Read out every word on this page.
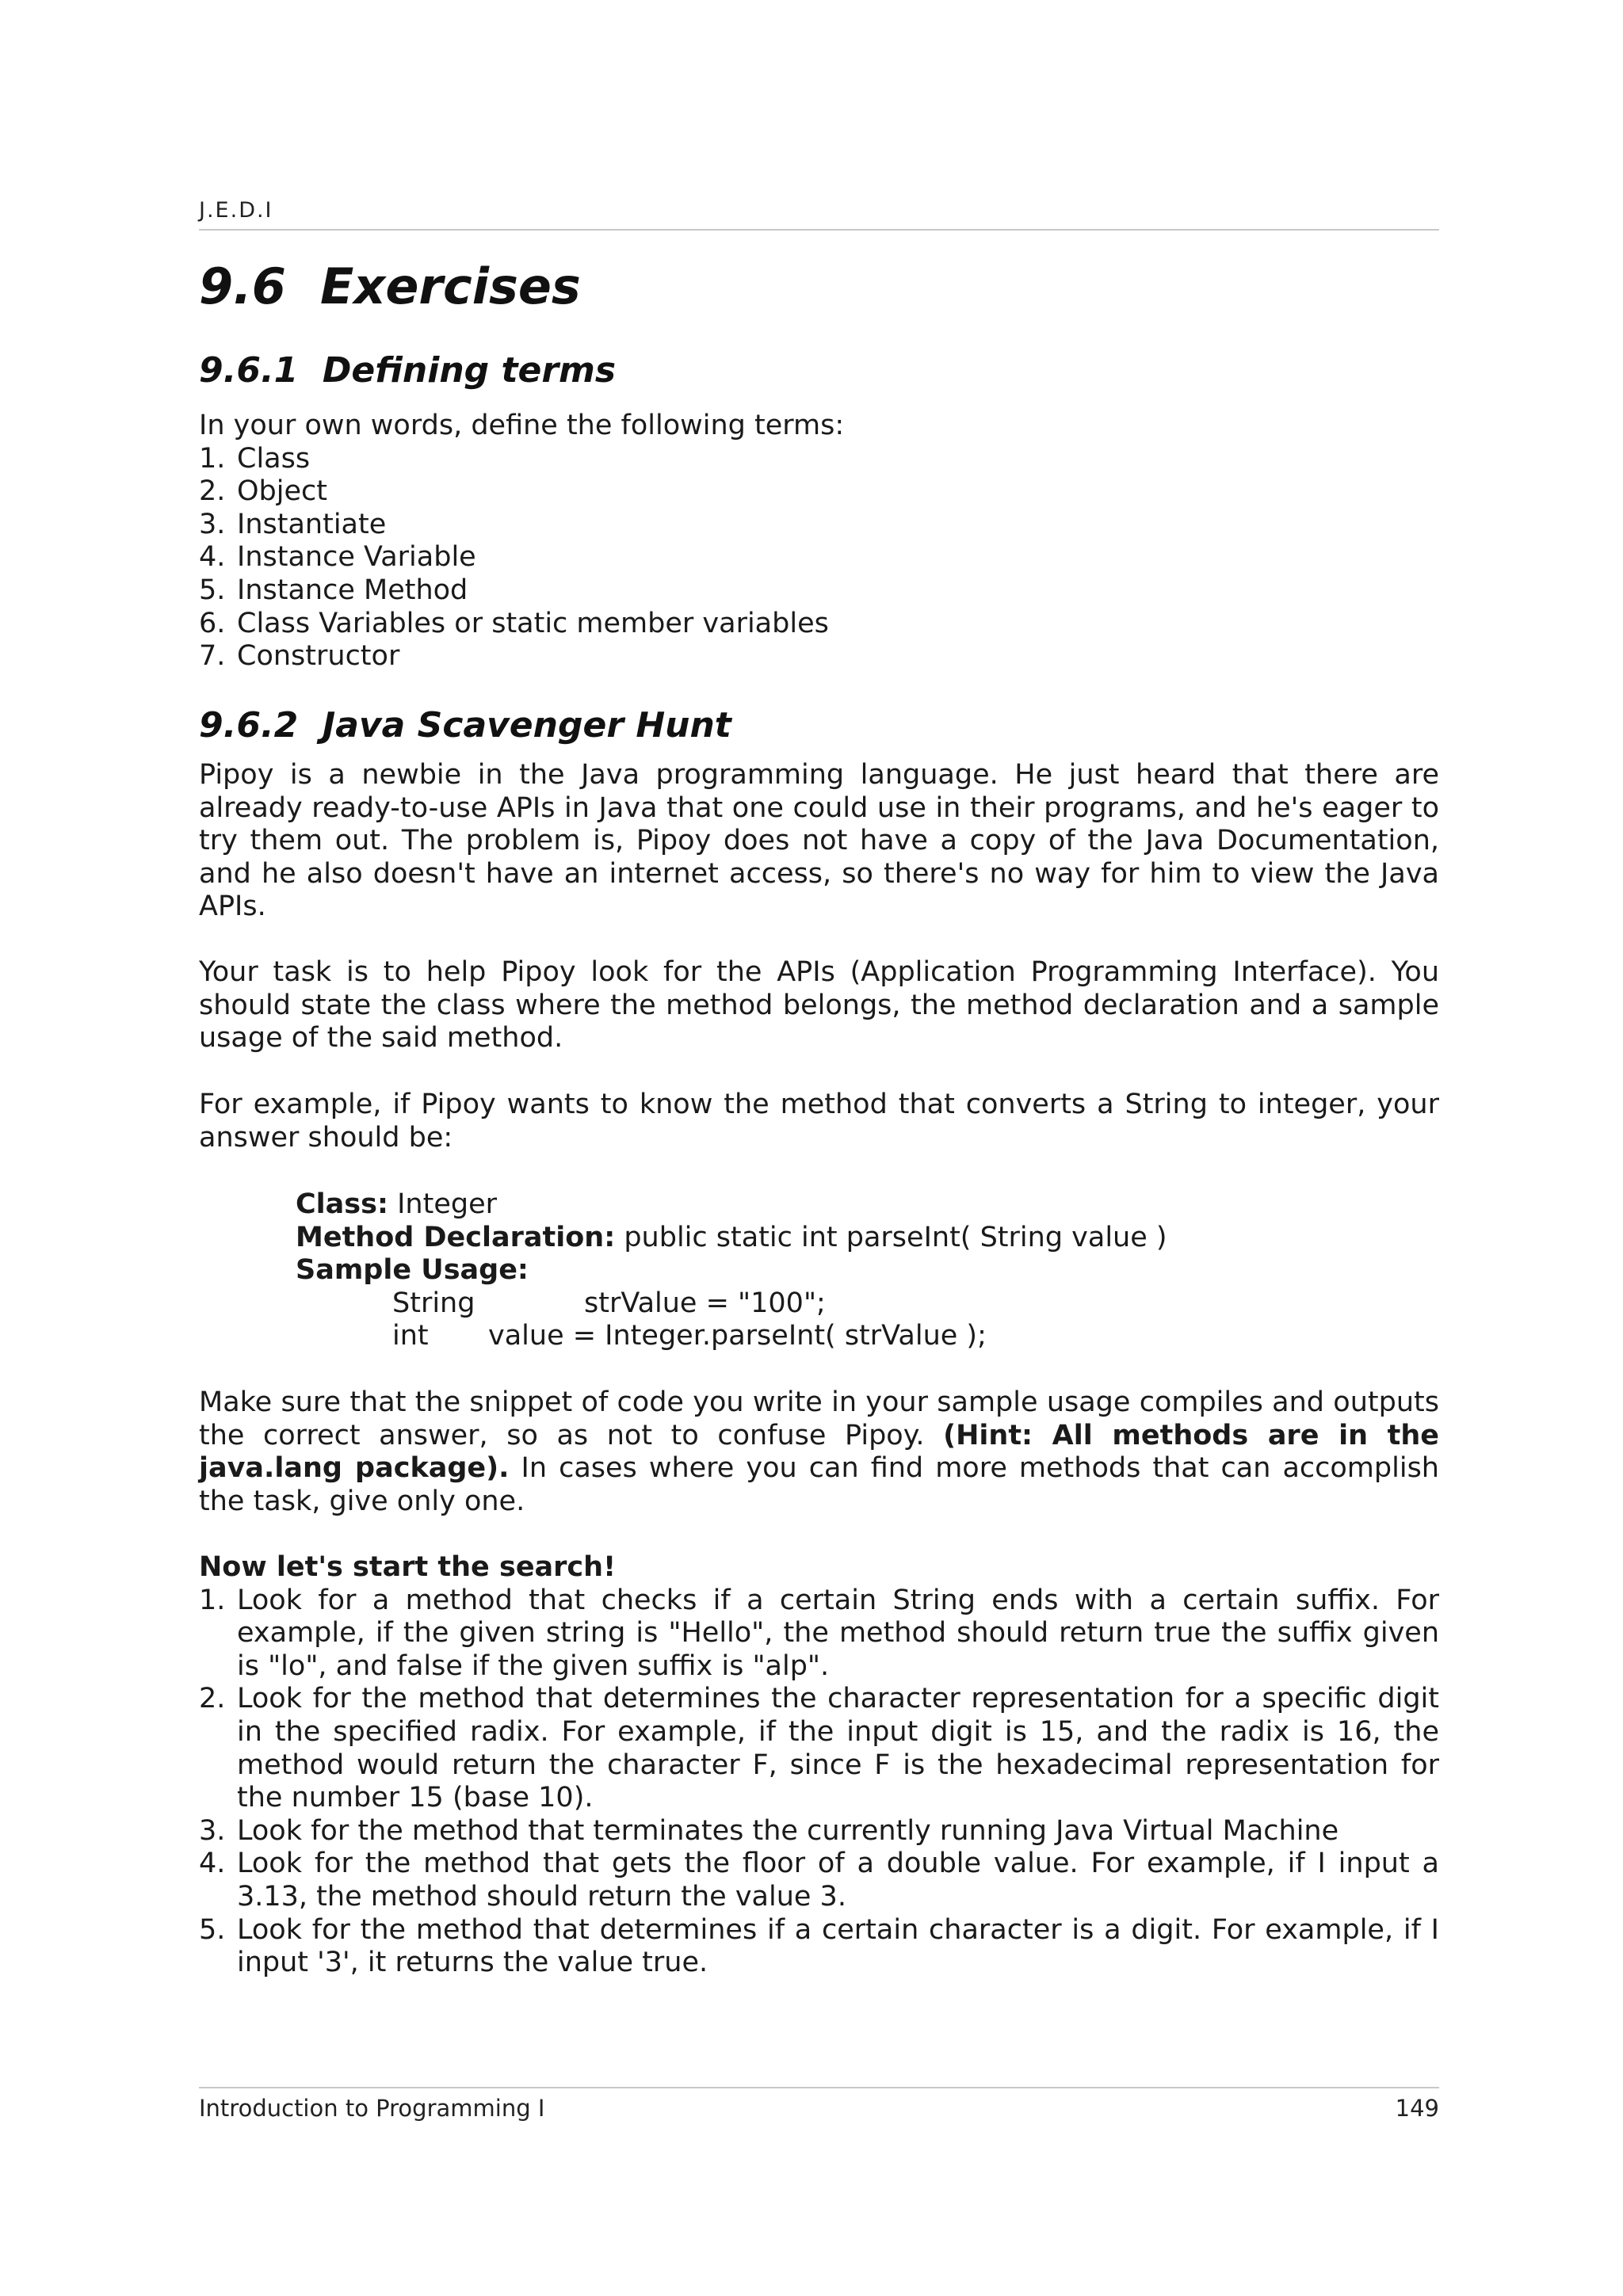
J.E.D.I
9.6  Exercises
9.6.1  Defining terms
In your own words, define the following terms:
1. Class
2. Object
3. Instantiate
4. Instance Variable
5. Instance Method
6. Class Variables or static member variables
7. Constructor
9.6.2  Java Scavenger Hunt

Pipoy is a newbie in the Java programming language. He just heard that there are already ready-to-use APIs in Java that one could use in their programs, and he's eager to try them out. The problem is, Pipoy does not have a copy of the Java Documentation, and he also doesn't have an internet access, so there's no way for him to view the Java APIs.

Your task is to help Pipoy look for the APIs (Application Programming Interface). You should state the class where the method belongs, the method declaration and a sample usage of the said method.

For example, if Pipoy wants to know the method that converts a String to integer, your answer should be:

Class: Integer
Method Declaration: public static int parseInt( String value )
Sample Usage:
String	strValue = "100";
int value = Integer.parseInt( strValue );

Make sure that the snippet of code you write in your sample usage compiles and outputs the correct answer, so as not to confuse Pipoy. (Hint: All methods are in the java.lang package). In cases where you can find more methods that can accomplish the task, give only one.

Now let's start the search!
1. Look for a method that checks if a certain String ends with a certain suffix. For example, if the given string is "Hello", the method should return true the suffix given is "lo", and false if the given suffix is "alp".
2. Look for the method that determines the character representation for a specific digit in the specified radix. For example, if the input digit is 15, and the radix is 16, the method would return the character F, since F is the hexadecimal representation for the number 15 (base 10).
3. Look for the method that terminates the currently running Java Virtual Machine
4. Look for the method that gets the floor of a double value. For example, if I input a 3.13, the method should return the value 3.
5. Look for the method that determines if a certain character is a digit. For example, if I input '3', it returns the value true.
Introduction to Programming I	149
